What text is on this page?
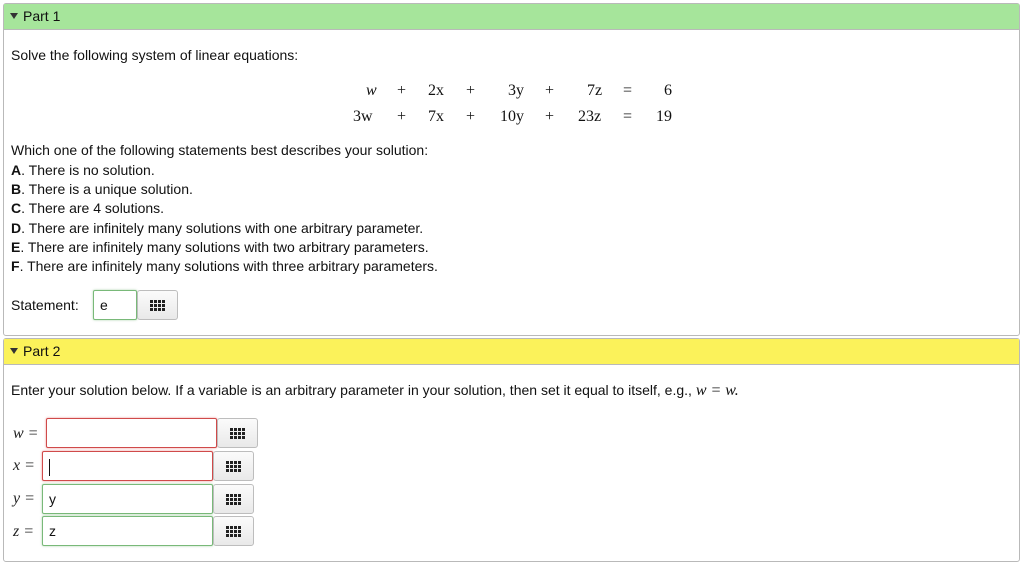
Part 1
Solve the following system of linear equations:
w + 2x + 3y + 7z = 6
3w + 7x + 10y + 23z = 19
Which one of the following statements best describes your solution:
A. There is no solution.
B. There is a unique solution.
C. There are 4 solutions.
D. There are infinitely many solutions with one arbitrary parameter.
E. There are infinitely many solutions with two arbitrary parameters.
F. There are infinitely many solutions with three arbitrary parameters.
Statement:	e
Part 2
Enter your solution below. If a variable is an arbitrary parameter in your solution, then set it equal to itself, e.g., w = w.
w =
x =
y =	y
z =	z
